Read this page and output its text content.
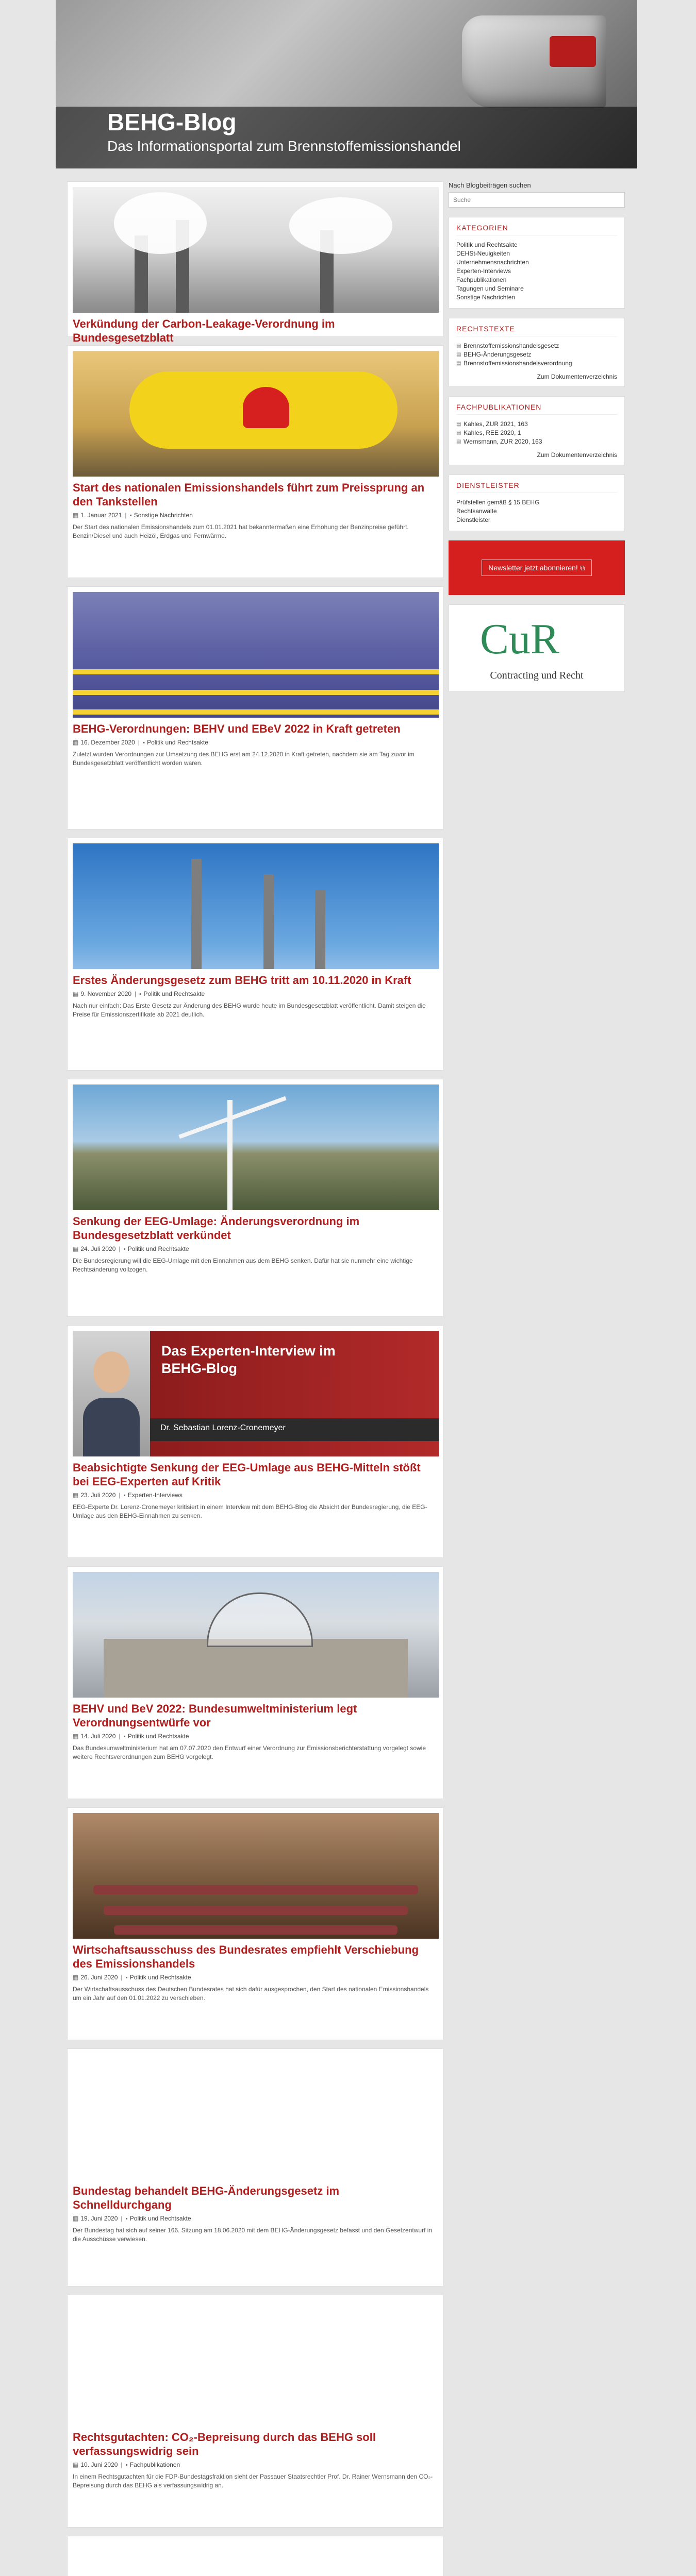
BEHG-Blog
Das Informationsportal zum Brennstoffemissionshandel
Verkündung der Carbon-Leakage-Verordnung im Bundesgesetzblatt

Start des nationalen Emissionshandels führt zum Preissprung an den Tankstellen
▦ 1. Januar 2021 | ▪ Sonstige Nachrichten

Der Start des nationalen Emissionshandels zum 01.01.2021 hat bekanntermaßen eine Erhöhung der Benzinpreise geführt. Benzin/Diesel und auch Heizöl, Erdgas und Fernwärme.

BEHG-Verordnungen: BEHV und EBeV 2022 in Kraft getreten
▦ 16. Dezember 2020 | ▪ Politik und Rechtsakte

Zuletzt wurden Verordnungen zur Umsetzung des BEHG erst am 24.12.2020 in Kraft getreten, nachdem sie am Tag zuvor im Bundesgesetzblatt veröffentlicht worden waren.

Erstes Änderungsgesetz zum BEHG tritt am 10.11.2020 in Kraft
▦ 9. November 2020 | ▪ Politik und Rechtsakte

Nach nur einfach: Das Erste Gesetz zur Änderung des BEHG wurde heute im Bundesgesetzblatt veröffentlicht. Damit steigen die Preise für Emissionszertifikate ab 2021 deutlich.

Senkung der EEG-Umlage: Änderungsverordnung im Bundesgesetzblatt verkündet
▦ 24. Juli 2020 | ▪ Politik und Rechtsakte

Die Bundesregierung will die EEG-Umlage mit den Einnahmen aus dem BEHG senken. Dafür hat sie nunmehr eine wichtige Rechtsänderung vollzogen.

Das Experten-Interview im BEHG-Blog
Dr. Sebastian Lorenz-Cronemeyer
Beabsichtigte Senkung der EEG-Umlage aus BEHG-Mitteln stößt bei EEG-Experten auf Kritik
▦ 23. Juli 2020 | ▪ Experten-Interviews

EEG-Experte Dr. Lorenz-Cronemeyer kritisiert in einem Interview mit dem BEHG-Blog die Absicht der Bundesregierung, die EEG-Umlage aus den BEHG-Einnahmen zu senken.

BEHV und BeV 2022: Bundesumweltministerium legt Verordnungsentwürfe vor
▦ 14. Juli 2020 | ▪ Politik und Rechtsakte

Das Bundesumweltministerium hat am 07.07.2020 den Entwurf einer Verordnung zur Emissionsberichterstattung vorgelegt sowie weitere Rechtsverordnungen zum BEHG vorgelegt.

Wirtschaftsausschuss des Bundesrates empfiehlt Verschiebung des Emissionshandels
▦ 26. Juni 2020 | ▪ Politik und Rechtsakte

Der Wirtschaftsausschuss des Deutschen Bundesrates hat sich dafür ausgesprochen, den Start des nationalen Emissionshandels um ein Jahr auf den 01.01.2022 zu verschieben.

Bundestag behandelt BEHG-Änderungsgesetz im Schnelldurchgang
▦ 19. Juni 2020 | ▪ Politik und Rechtsakte

Der Bundestag hat sich auf seiner 166. Sitzung am 18.06.2020 mit dem BEHG-Änderungsgesetz befasst und den Gesetzentwurf in die Ausschüsse verwiesen.

Rechtsgutachten: CO₂-Bepreisung durch das BEHG soll verfassungswidrig sein
▦ 10. Juni 2020 | ▪ Fachpublikationen

In einem Rechtsgutachten für die FDP-Bundestagsfraktion sieht der Passauer Staatsrechtler Prof. Dr. Rainer Wernsmann den CO₂-Bepreisung durch das BEHG als verfassungswidrig an.

Nach Blogbeiträgen suchen
Suche
KATEGORIEN
Politik und Rechtsakte
DEHSt-Neuigkeiten
Unternehmensnachrichten
Experten-Interviews
Fachpublikationen
Tagungen und Seminare
Sonstige Nachrichten
RECHTSTEXTE
▤ Brennstoffemissionshandelsgesetz
▤ BEHG-Änderungsgesetz
▤ Brennstoffemissionshandelsverordnung
Zum Dokumentenverzeichnis
FACHPUBLIKATIONEN
▤ Kahles, ZUR 2021, 163
▤ Kahles, REE 2020, 1
▤ Wernsmann, ZUR 2020, 163
Zum Dokumentenverzeichnis
DIENSTLEISTER
Prüfstellen gemäß § 15 BEHG
Rechtsanwälte
Dienstleister
Newsletter jetzt abonnieren! ⧉
CuR
Contracting und Recht
